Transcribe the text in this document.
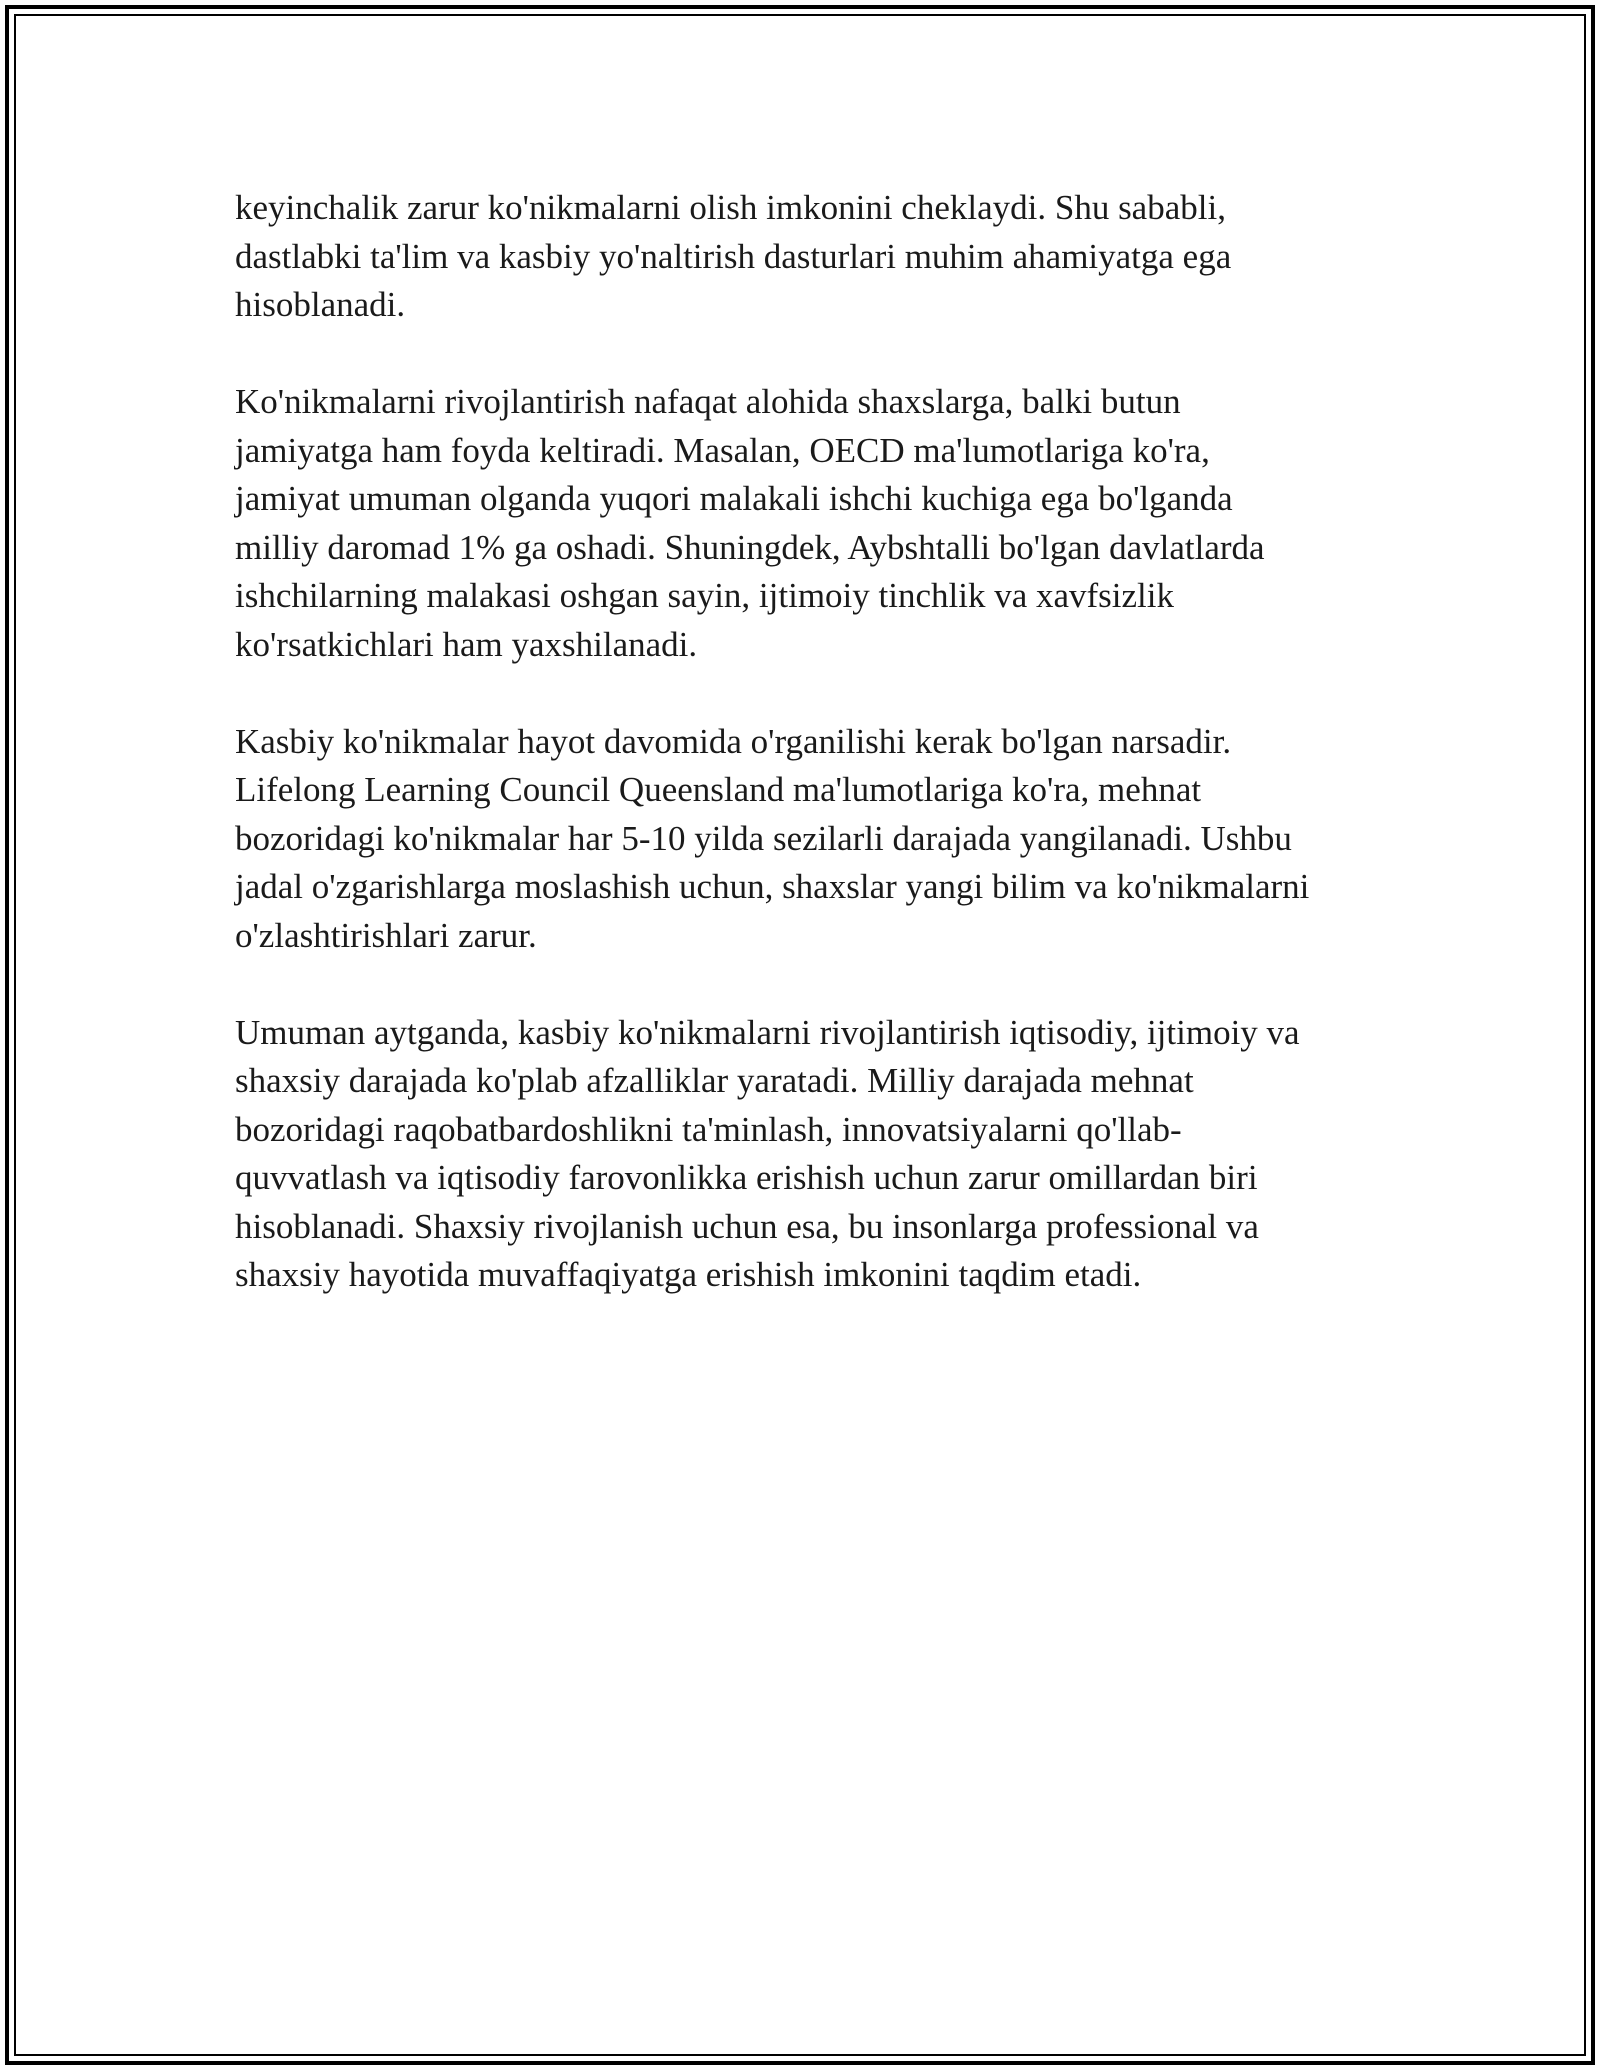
keyinchalik zarur ko'nikmalarni olish imkonini cheklaydi. Shu sababli,
dastlabki ta'lim va kasbiy yo'naltirish dasturlari muhim ahamiyatga ega
hisoblanadi.

Ko'nikmalarni rivojlantirish nafaqat alohida shaxslarga, balki butun
jamiyatga ham foyda keltiradi. Masalan, OECD ma'lumotlariga ko'ra,
jamiyat umuman olganda yuqori malakali ishchi kuchiga ega bo'lganda
milliy daromad 1% ga oshadi. Shuningdek, Aybshtalli bo'lgan davlatlarda
ishchilarning malakasi oshgan sayin, ijtimoiy tinchlik va xavfsizlik
ko'rsatkichlari ham yaxshilanadi.

Kasbiy ko'nikmalar hayot davomida o'rganilishi kerak bo'lgan narsadir.
Lifelong Learning Council Queensland ma'lumotlariga ko'ra, mehnat
bozoridagi ko'nikmalar har 5-10 yilda sezilarli darajada yangilanadi. Ushbu
jadal o'zgarishlarga moslashish uchun, shaxslar yangi bilim va ko'nikmalarni
o'zlashtirishlari zarur.

Umuman aytganda, kasbiy ko'nikmalarni rivojlantirish iqtisodiy, ijtimoiy va
shaxsiy darajada ko'plab afzalliklar yaratadi. Milliy darajada mehnat
bozoridagi raqobatbardoshlikni ta'minlash, innovatsiyalarni qo'llab-
quvvatlash va iqtisodiy farovonlikka erishish uchun zarur omillardan biri
hisoblanadi. Shaxsiy rivojlanish uchun esa, bu insonlarga professional va
shaxsiy hayotida muvaffaqiyatga erishish imkonini taqdim etadi.
